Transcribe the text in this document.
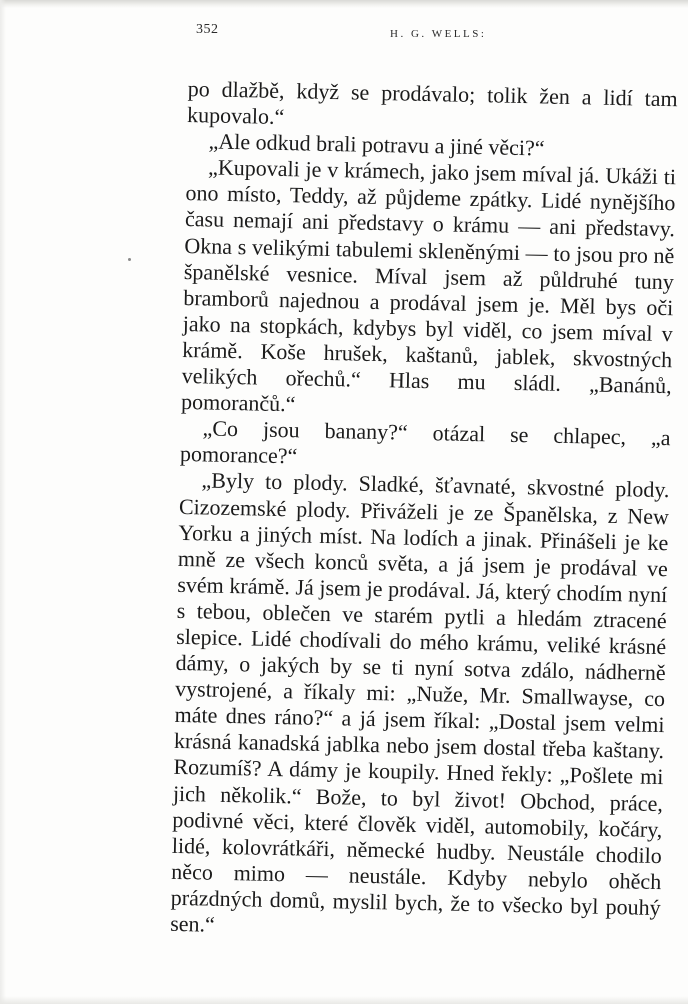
352	H. G. WELLS:

po dlažbě, když se prodávalo; tolik žen a lidí tam kupovalo.“

„Ale odkud brali potravu a jiné věci?“

„Kupovali je v krámech, jako jsem míval já. Ukáži ti ono místo, Teddy, až půjdeme zpátky. Lidé nynějšího času nemají ani představy o krámu — ani představy. Okna s velikými tabulemi skleněnými — to jsou pro ně španělské vesnice. Míval jsem až půldruhé tuny bramborů najednou a prodával jsem je. Měl bys oči jako na stopkách, kdybys byl viděl, co jsem míval v krámě. Koše hrušek, kaštanů, jablek, skvostných velikých ořechů.“ Hlas mu sládl. „Banánů, pomorančů.“

„Co jsou banany?“ otázal se chlapec, „a pomorance?“

„Byly to plody. Sladké, šťavnaté, skvostné plody. Cizozemské plody. Přiváželi je ze Španělska, z New Yorku a jiných míst. Na lodích a jinak. Přinášeli je ke mně ze všech konců světa, a já jsem je prodával ve svém krámě. Já jsem je prodával. Já, který chodím nyní s tebou, oblečen ve starém pytli a hledám ztracené slepice. Lidé chodívali do mého krámu, veliké krásné dámy, o jakých by se ti nyní sotva zdálo, nádherně vystrojené, a říkaly mi: „Nuže, Mr. Smallwayse, co máte dnes ráno?“ a já jsem říkal: „Dostal jsem velmi krásná kanadská jablka nebo jsem dostal třeba kaštany. Rozumíš? A dámy je koupily. Hned řekly: „Pošlete mi jich několik.“ Bože, to byl život! Obchod, práce, podivné věci, které člověk viděl, automobily, kočáry, lidé, kolovrátkáři, německé hudby. Neustále chodilo něco mimo — neustále. Kdyby nebylo ohěch prázdných domů, myslil bych, že to všecko byl pouhý sen.“
